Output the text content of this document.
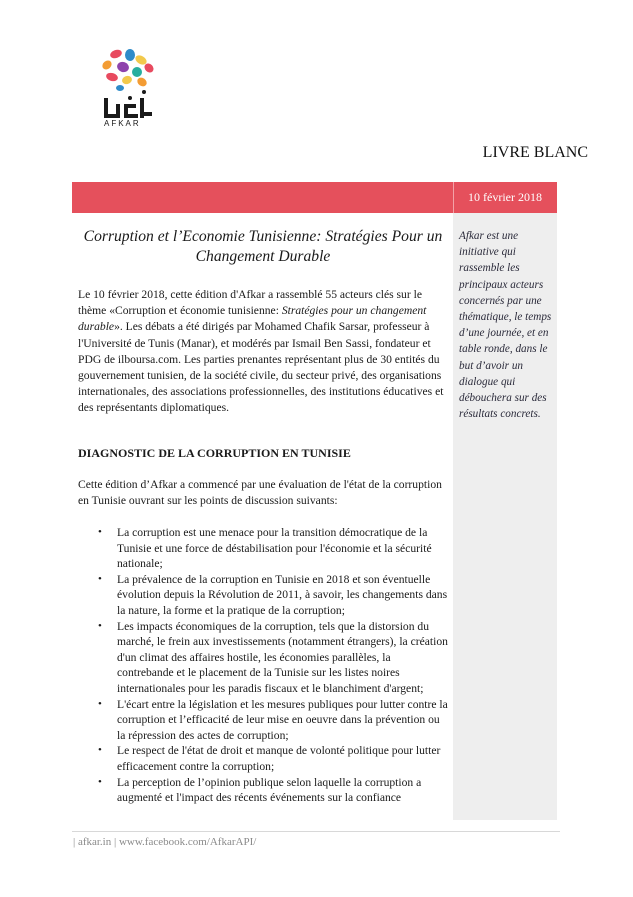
AFKAR
LIVRE BLANC
10 février 2018

Afkar est une initiative qui rassemble les principaux acteurs concernés par une thématique, le temps d’une journée, et en table ronde, dans le but d’avoir un dialogue qui débouchera sur des résultats concrets.

Corruption et l’Economie Tunisienne: Stratégies Pour un Changement Durable

Le 10 février 2018, cette édition d'Afkar a rassemblé 55 acteurs clés sur le thème «Corruption et économie tunisienne: Stratégies pour un changement durable». Les débats a été dirigés par Mohamed Chafik Sarsar, professeur à l'Université de Tunis (Manar), et modérés par Ismail Ben Sassi, fondateur et PDG de ilboursa.com. Les parties prenantes représentant plus de 30 entités du gouvernement tunisien, de la société civile, du secteur privé, des organisations internationales, des associations professionnelles, des institutions éducatives et des représentants diplomatiques.

DIAGNOSTIC DE LA CORRUPTION EN TUNISIE

Cette édition d’Afkar a commencé par une évaluation de l'état de la corruption en Tunisie ouvrant sur les points de discussion suivants:

• La corruption est une menace pour la transition démocratique de la Tunisie et une force de déstabilisation pour l'économie et la sécurité nationale;
• La prévalence de la corruption en Tunisie en 2018 et son éventuelle évolution depuis la Révolution de 2011, à savoir, les changements dans la nature, la forme et la pratique de la corruption;
• Les impacts économiques de la corruption, tels que la distorsion du marché, le frein aux investissements (notamment étrangers), la création d'un climat des affaires hostile, les économies parallèles, la contrebande et le placement de la Tunisie sur les listes noires internationales pour les paradis fiscaux et le blanchiment d'argent;
• L'écart entre la législation et les mesures publiques pour lutter contre la corruption et l’efficacité de leur mise en oeuvre dans la prévention ou la répression des actes de corruption;
• Le respect de l'état de droit et manque de volonté politique pour lutter efficacement contre la corruption;
• La perception de l’opinion publique selon laquelle la corruption a augmenté et l'impact des récents événements sur la confiance
| afkar.in | www.facebook.com/AfkarAPI/
